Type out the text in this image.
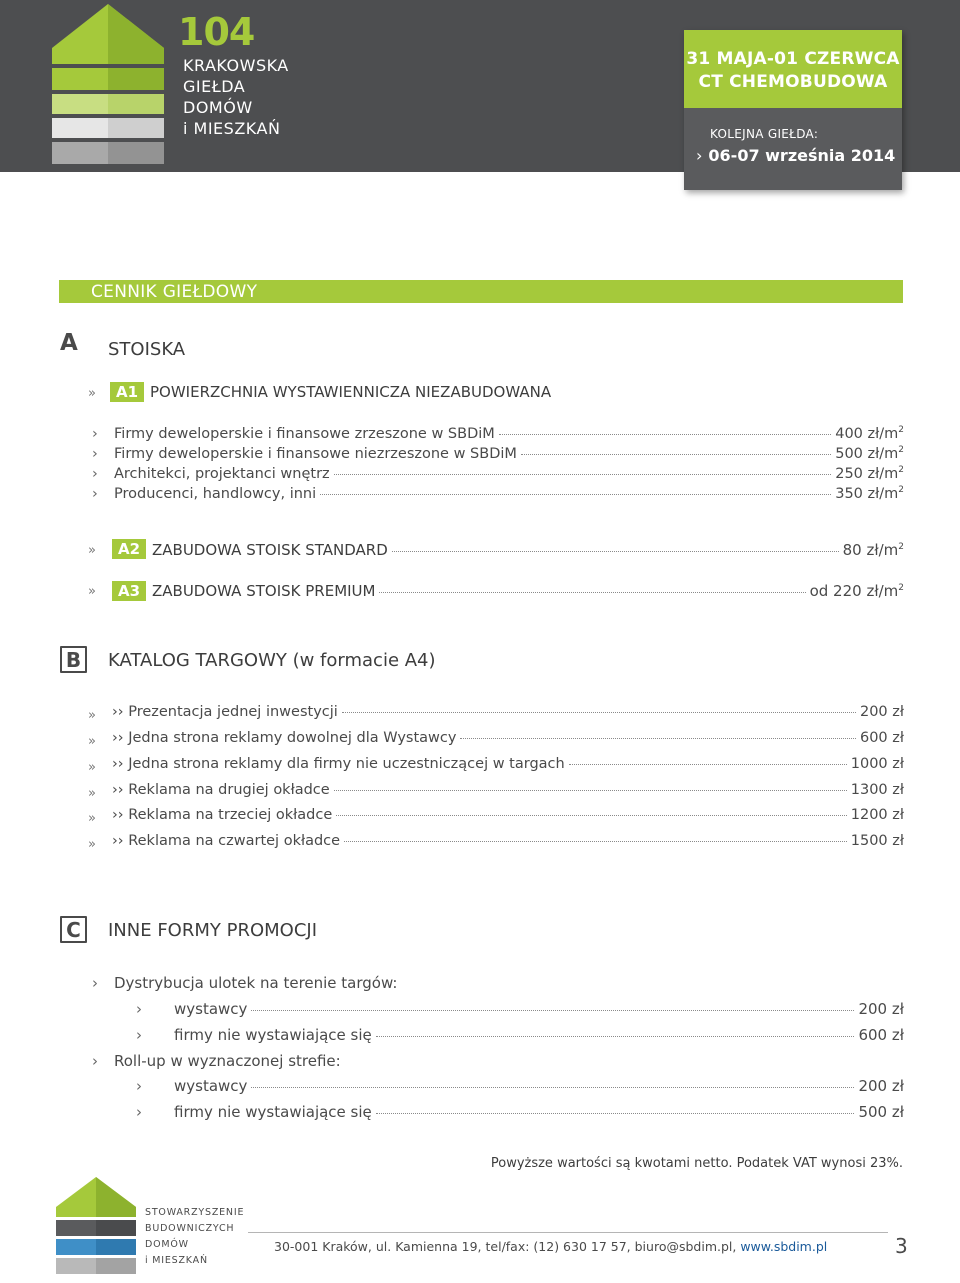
104
KRAKOWSKA
GIEŁDA
DOMÓW
i MIESZKAŃ
31 MAJA-01 CZERWCA
CT CHEMOBUDOWA
KOLEJNA GIEŁDA:
› 06-07 września 2014
CENNIK GIEŁDOWY
A	STOISKA
»	A1 POWIERZCHNIA WYSTAWIENNICZA NIEZABUDOWANA
›	Firmy deweloperskie i finansowe zrzeszone w SBDiM	400 $zł/m^2$
›	Firmy deweloperskie i finansowe niezrzeszone w SBDiM	500 $zł/m^2$
›	Architekci, projektanci wnętrz	250 $zł/m^2$
›	Producenci, handlowcy, inni	350 $zł/m^2$
»	A2 ZABUDOWA STOISK STANDARD	80 $zł/m^2$
»	A3 ZABUDOWA STOISK PREMIUM	od 220 $zł/m^2$
B	KATALOG TARGOWY (w formacie A4)
» ›› Prezentacja jednej inwestycji	200 zł
» ›› Jedna strona reklamy dowolnej dla Wystawcy	600 zł
» ›› Jedna strona reklamy dla firmy nie uczestniczącej w targach	1000 zł
» ›› Reklama na drugiej okładce	1300 zł
» ›› Reklama na trzeciej okładce	1200 zł
» ›› Reklama na czwartej okładce	1500 zł
C	INNE FORMY PROMOCJI
›	Dystrybucja ulotek na terenie targów:
›	wystawcy	200 zł
›	firmy nie wystawiające się	600 zł
›	Roll-up w wyznaczonej strefie:
›	wystawcy	200 zł
›	firmy nie wystawiające się	500 zł
Powyższe wartości są kwotami netto. Podatek VAT wynosi 23%.
STOWARZYSZENIE
BUDOWNICZYCH
DOMÓW
i MIESZKAŃ
30-001 Kraków, ul. Kamienna 19, tel/fax: (12) 630 17 57, biuro@sbdim.pl, www.sbdim.pl	3
